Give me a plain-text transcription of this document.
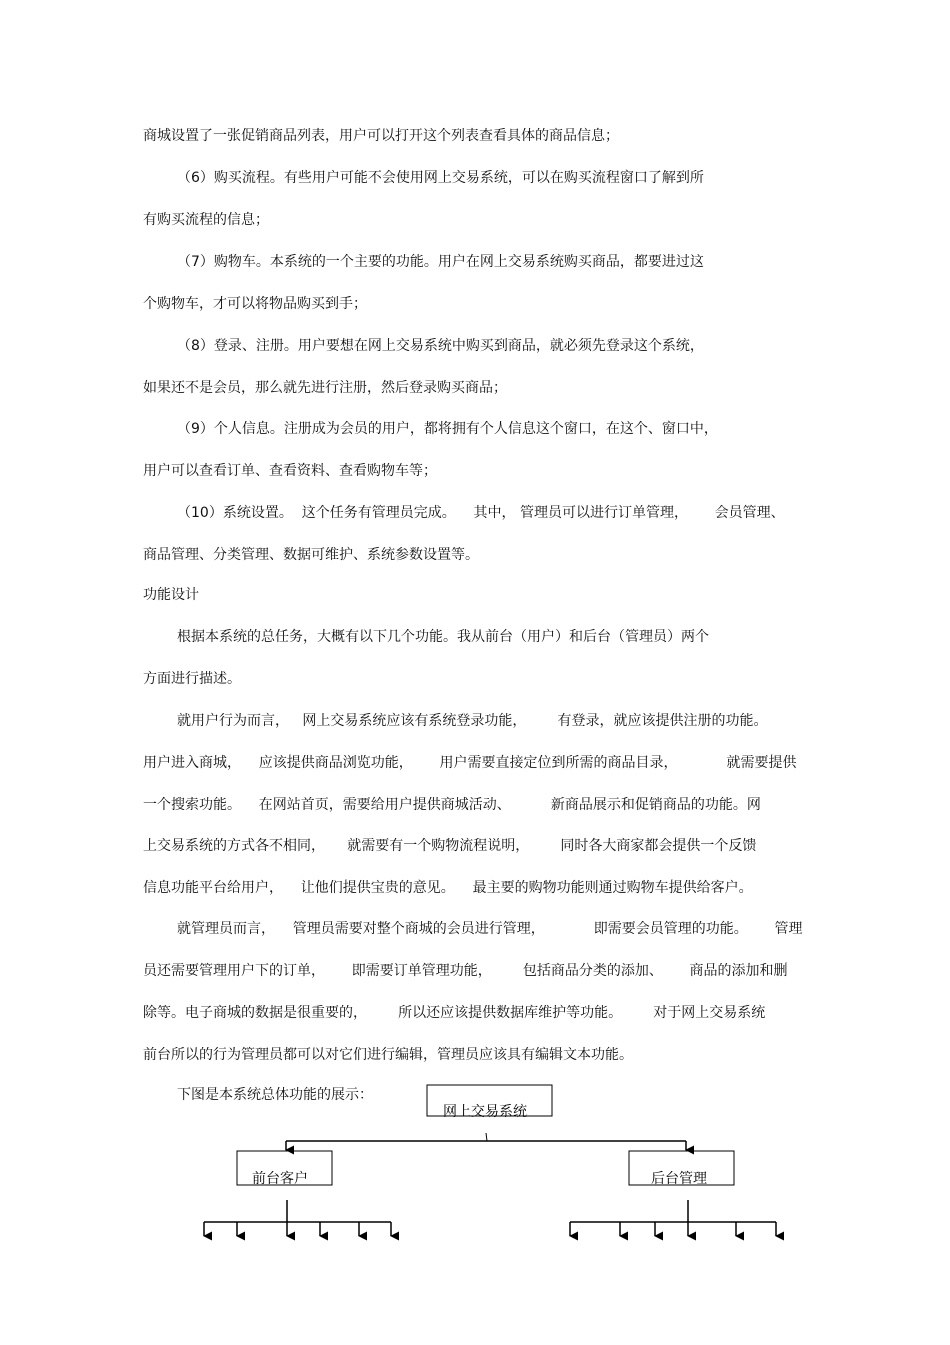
商城设置了一张促销商品列表，用户可以打开这个列表查看具体的商品信息；
（6）购买流程。有些用户可能不会使用网上交易系统，可以在购买流程窗口了解到所
有购买流程的信息；
（7）购物车。本系统的一个主要的功能。用户在网上交易系统购买商品，都要进过这
个购物车，才可以将物品购买到手；
（8）登录、注册。用户要想在网上交易系统中购买到商品，就必须先登录这个系统，
如果还不是会员，那么就先进行注册，然后登录购买商品；
（9）个人信息。注册成为会员的用户，都将拥有个人信息这个窗口，在这个、窗口中，
用户可以查看订单、查看资料、查看购物车等；
（10）系统设置。  这个任务有管理员完成。    其中， 管理员可以进行订单管理，      会员管理、
商品管理、分类管理、数据可维护、系统参数设置等。
功能设计
根据本系统的总任务，大概有以下几个功能。我从前台（用户）和后台（管理员）两个
方面进行描述。
就用户行为而言，   网上交易系统应该有系统登录功能，       有登录，就应该提供注册的功能。
用户进入商城，    应该提供商品浏览功能，      用户需要直接定位到所需的商品目录，           就需要提供
一个搜索功能。    在网站首页，需要给用户提供商城活动、         新商品展示和促销商品的功能。网
上交易系统的方式各不相同，     就需要有一个购物流程说明，       同时各大商家都会提供一个反馈
信息功能平台给用户，    让他们提供宝贵的意见。    最主要的购物功能则通过购物车提供给客户。
就管理员而言，    管理员需要对整个商城的会员进行管理，           即需要会员管理的功能。      管理
员还需要管理用户下的订单，      即需要订单管理功能，       包括商品分类的添加、      商品的添加和删
除等。电子商城的数据是很重要的，       所以还应该提供数据库维护等功能。       对于网上交易系统
前台所以的行为管理员都可以对它们进行编辑，管理员应该具有编辑文本功能。
下图是本系统总体功能的展示：
网上交易系统
前台客户	后台管理
